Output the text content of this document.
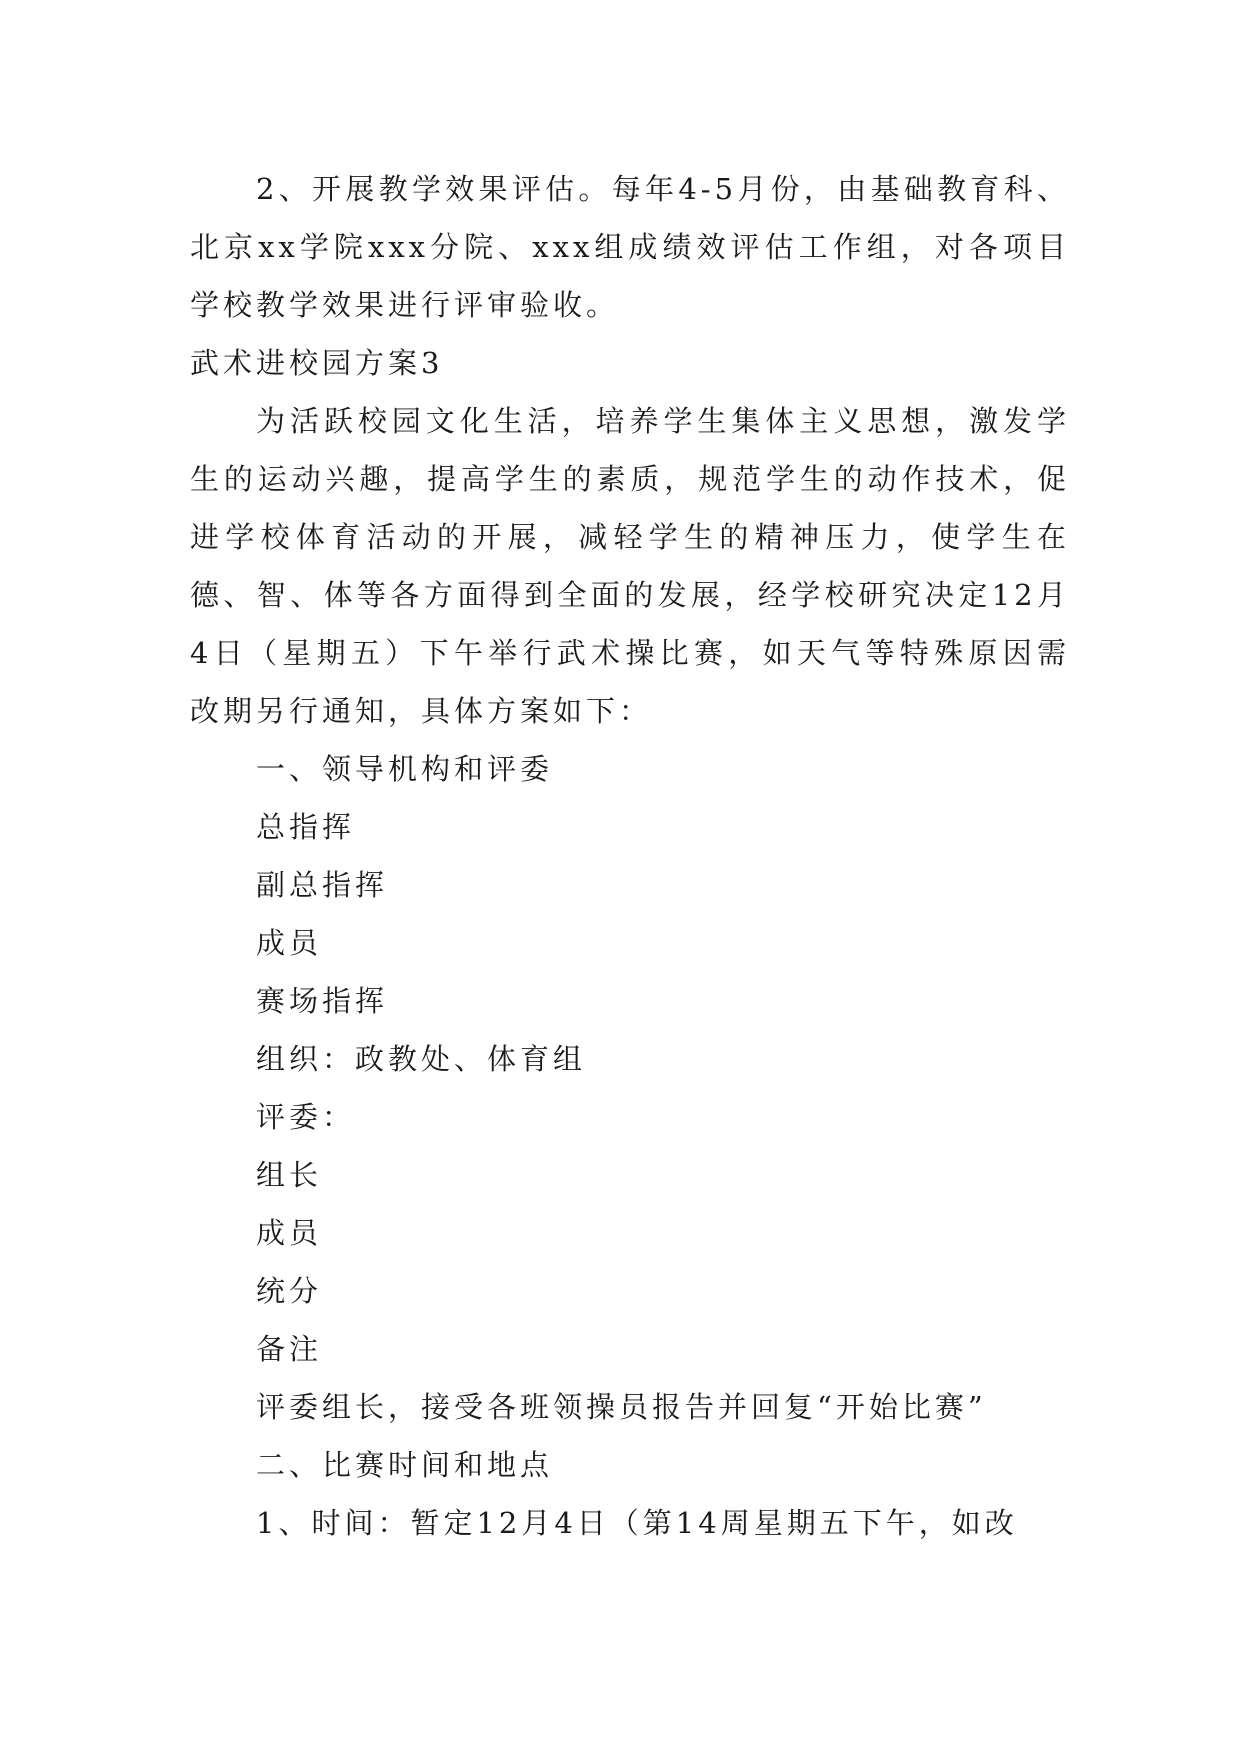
2、开展教学效果评估。每年4-5月份，由基础教育科、北京xx学院xxx分院、xxx组成绩效评估工作组，对各项目学校教学效果进行评审验收。

武术进校园方案3

为活跃校园文化生活，培养学生集体主义思想，激发学生的运动兴趣，提高学生的素质，规范学生的动作技术，促进学校体育活动的开展，减轻学生的精神压力，使学生在德、智、体等各方面得到全面的发展，经学校研究决定12月4日（星期五）下午举行武术操比赛，如天气等特殊原因需改期另行通知，具体方案如下：

一、领导机构和评委

总指挥

副总指挥

成员

赛场指挥

组织：政教处、体育组

评委：

组长

成员

统分

备注

评委组长，接受各班领操员报告并回复“开始比赛”

二、比赛时间和地点

1、时间：暂定12月4日（第14周星期五下午，如改
